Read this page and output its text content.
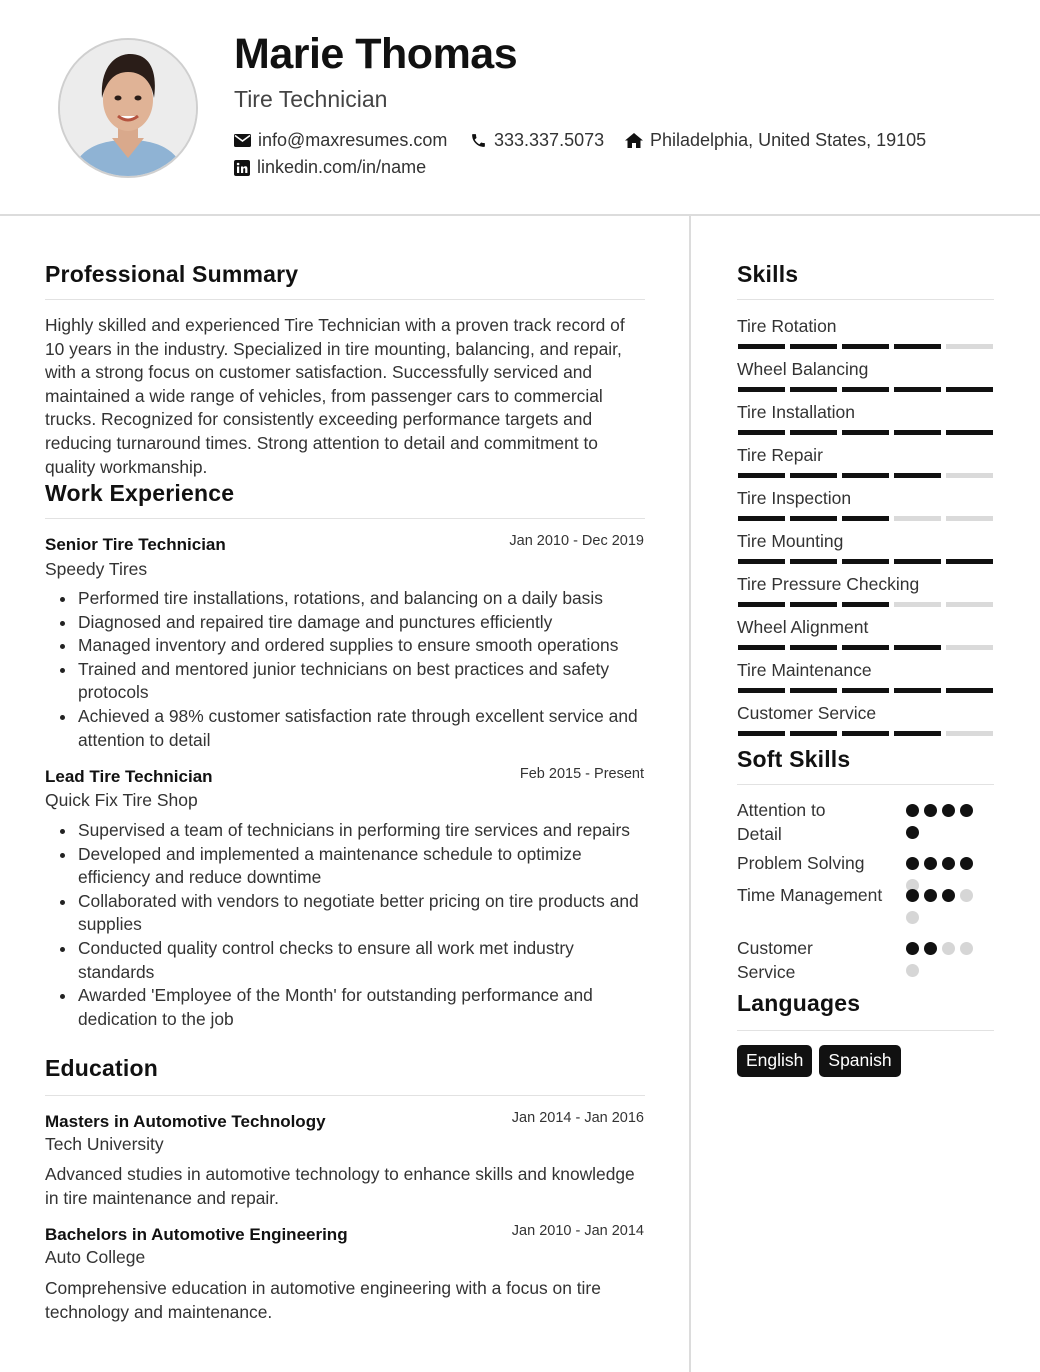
Marie Thomas
Tire Technician
info@maxresumes.com	333.337.5073	Philadelphia, United States, 19105
linkedin.com/in/name
Professional Summary
Highly skilled and experienced Tire Technician with a proven track record of 10 years in the industry. Specialized in tire mounting, balancing, and repair, with a strong focus on customer satisfaction. Successfully serviced and maintained a wide range of vehicles, from passenger cars to commercial trucks. Recognized for consistently exceeding performance targets and reducing turnaround times. Strong attention to detail and commitment to quality workmanship.
Work Experience
Senior Tire Technician	Jan 2010 - Dec 2019
Speedy Tires
Performed tire installations, rotations, and balancing on a daily basis
Diagnosed and repaired tire damage and punctures efficiently
Managed inventory and ordered supplies to ensure smooth operations
Trained and mentored junior technicians on best practices and safety protocols
Achieved a 98% customer satisfaction rate through excellent service and attention to detail
Lead Tire Technician	Feb 2015 - Present
Quick Fix Tire Shop
Supervised a team of technicians in performing tire services and repairs
Developed and implemented a maintenance schedule to optimize efficiency and reduce downtime
Collaborated with vendors to negotiate better pricing on tire products and supplies
Conducted quality control checks to ensure all work met industry standards
Awarded 'Employee of the Month' for outstanding performance and dedication to the job
Education
Masters in Automotive Technology	Jan 2014 - Jan 2016
Tech University
Advanced studies in automotive technology to enhance skills and knowledge in tire maintenance and repair.
Bachelors in Automotive Engineering	Jan 2010 - Jan 2014
Auto College
Comprehensive education in automotive engineering with a focus on tire technology and maintenance.
Skills
Tire Rotation
Wheel Balancing
Tire Installation
Tire Repair
Tire Inspection
Tire Mounting
Tire Pressure Checking
Wheel Alignment
Tire Maintenance
Customer Service
Soft Skills
Attention to Detail
Problem Solving
Time Management
Customer Service
Languages
English	Spanish
